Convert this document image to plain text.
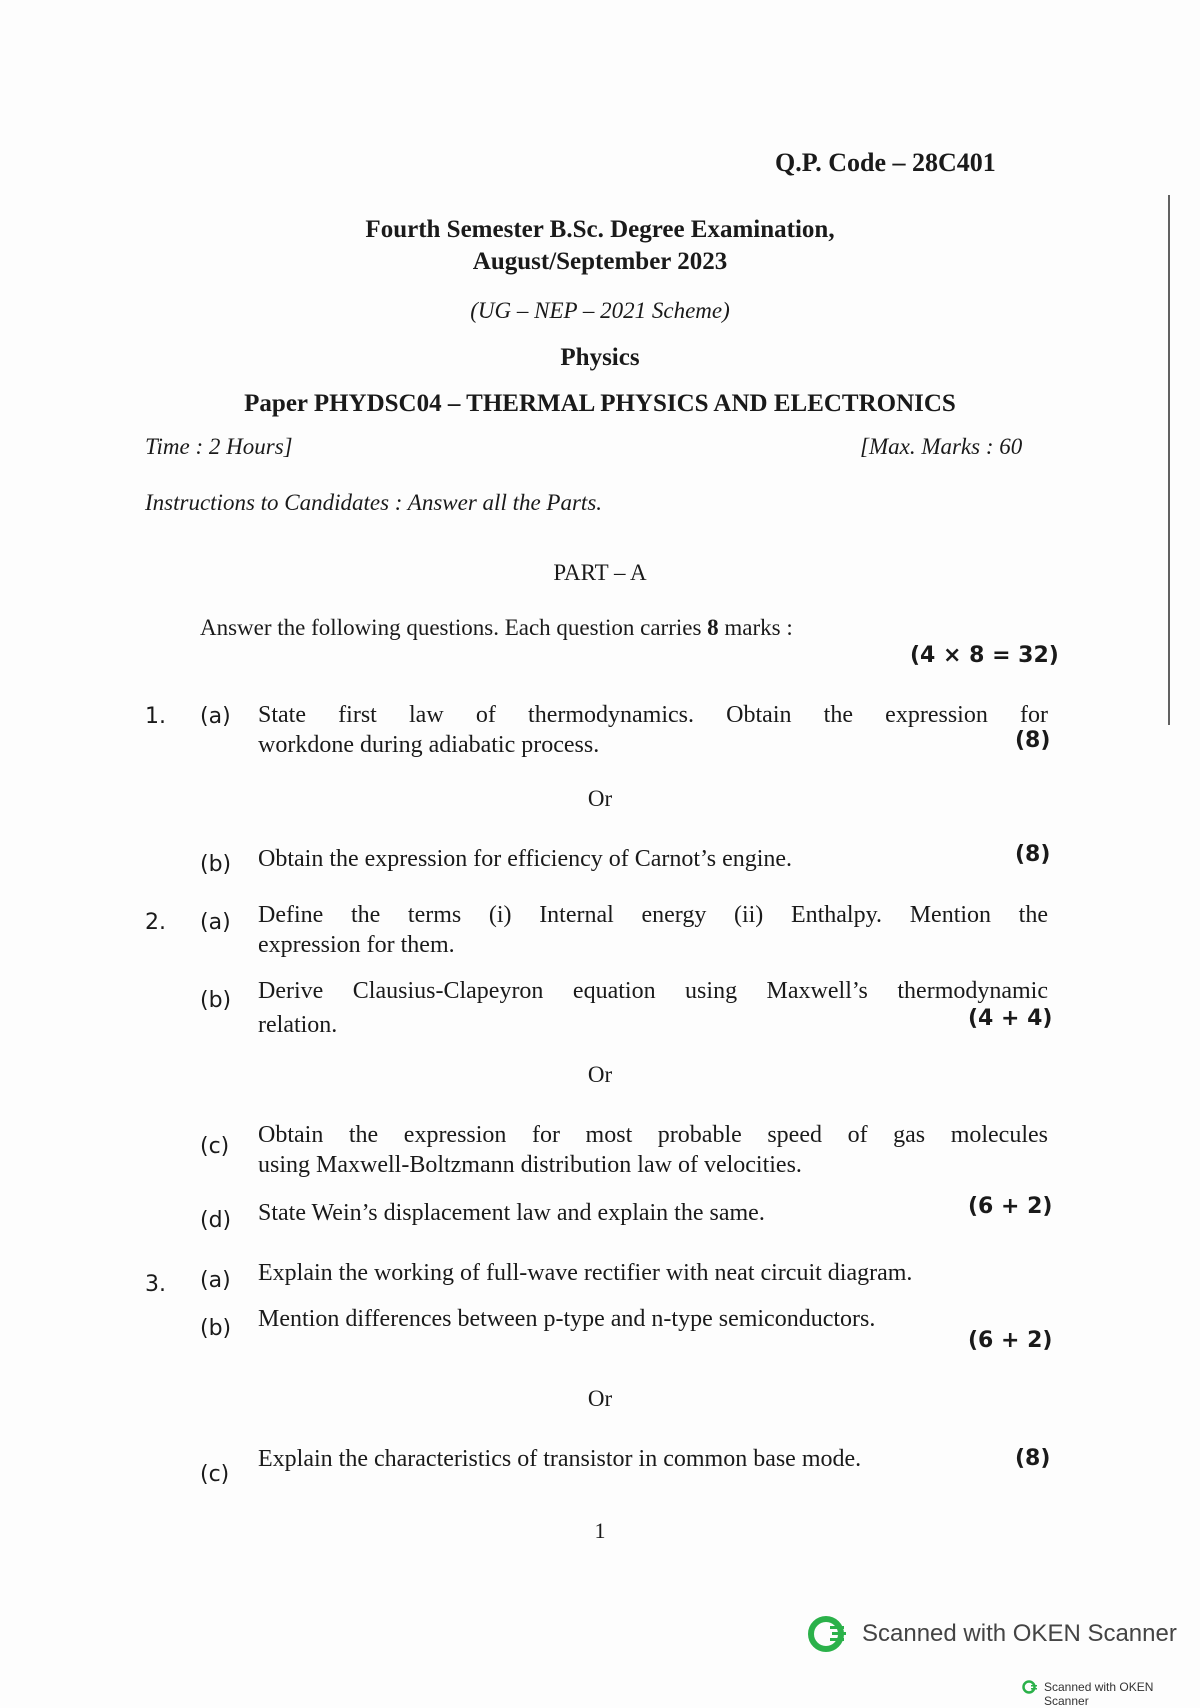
Q.P. Code – 28C401
Fourth Semester B.Sc. Degree Examination,
August/September 2023
(UG – NEP – 2021 Scheme)
Physics
Paper PHYDSC04 – THERMAL PHYSICS AND ELECTRONICS
Time : 2 Hours]	[Max. Marks : 60
Instructions to Candidates : Answer all the Parts.
PART – A
Answer the following questions. Each question carries 8 marks :
(4 × 8 = 32)
1. (a) State first law of thermodynamics. Obtain the expression for
workdone during adiabatic process.	(8)
Or
(b) Obtain the expression for efficiency of Carnot’s engine.	(8)
2. (a) Define the terms (i) Internal energy (ii) Enthalpy. Mention the
expression for them.
(b) Derive Clausius-Clapeyron equation using Maxwell’s thermodynamic
relation.	(4 + 4)
Or
(c) Obtain the expression for most probable speed of gas molecules
using Maxwell-Boltzmann distribution law of velocities.
(d) State Wein’s displacement law and explain the same.	(6 + 2)
3. (a) Explain the working of full-wave rectifier with neat circuit diagram.
(b) Mention differences between p-type and n-type semiconductors.
(6 + 2)
Or
(c)
Explain the characteristics of transistor in common base mode.	(8)
1
Scanned with OKEN Scanner
Scanned with OKEN Scanner
